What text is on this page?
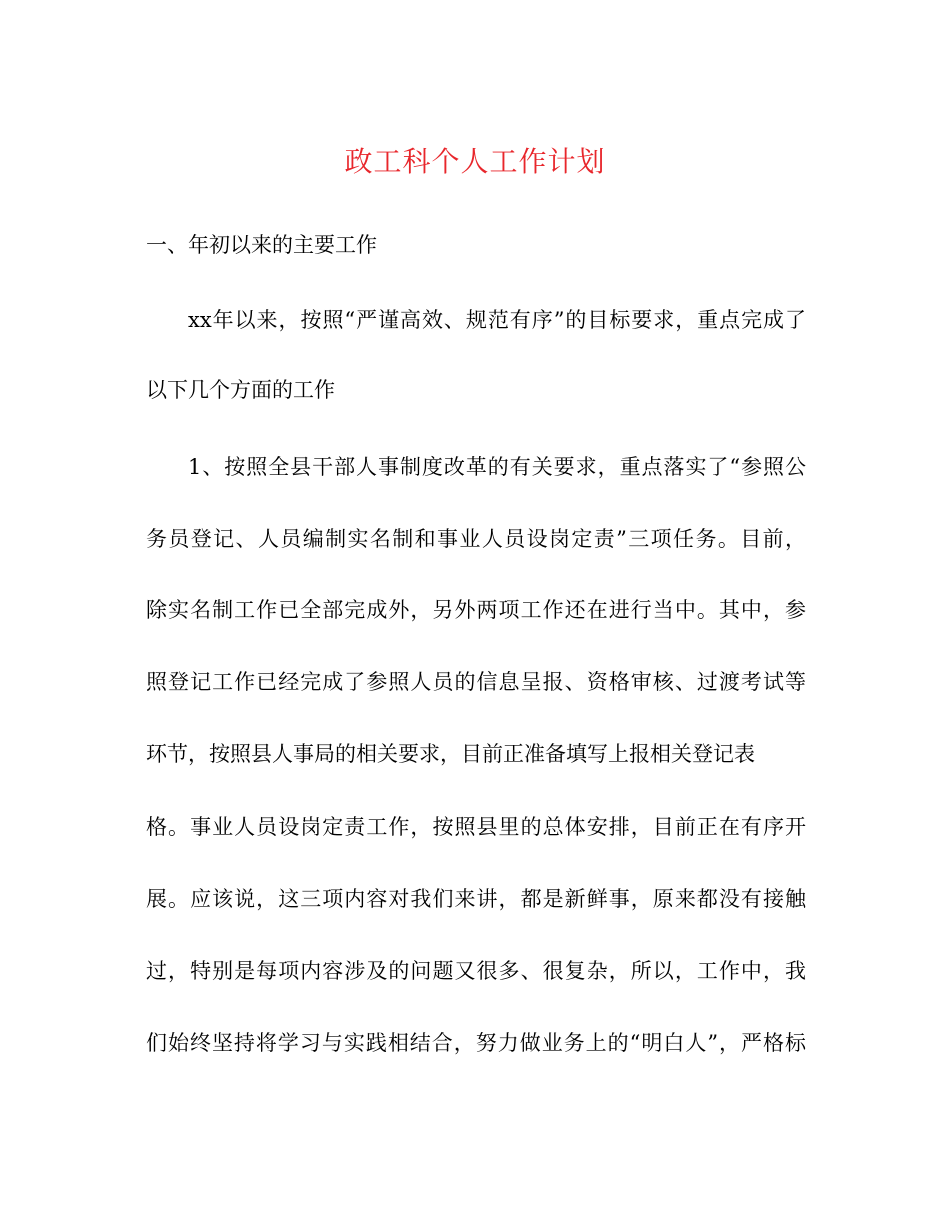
政工科个人工作计划
一、年初以来的主要工作
xx年以来，按照“严谨高效、规范有序”的目标要求，重点完成了
以下几个方面的工作
1、按照全县干部人事制度改革的有关要求，重点落实了“参照公
务员登记、人员编制实名制和事业人员设岗定责”三项任务。目前，
除实名制工作已全部完成外，另外两项工作还在进行当中。其中，参
照登记工作已经完成了参照人员的信息呈报、资格审核、过渡考试等
环节，按照县人事局的相关要求，目前正准备填写上报相关登记表
格。事业人员设岗定责工作，按照县里的总体安排，目前正在有序开
展。应该说，这三项内容对我们来讲，都是新鲜事，原来都没有接触
过，特别是每项内容涉及的问题又很多、很复杂，所以，工作中，我
们始终坚持将学习与实践相结合，努力做业务上的“明白人”，严格标
